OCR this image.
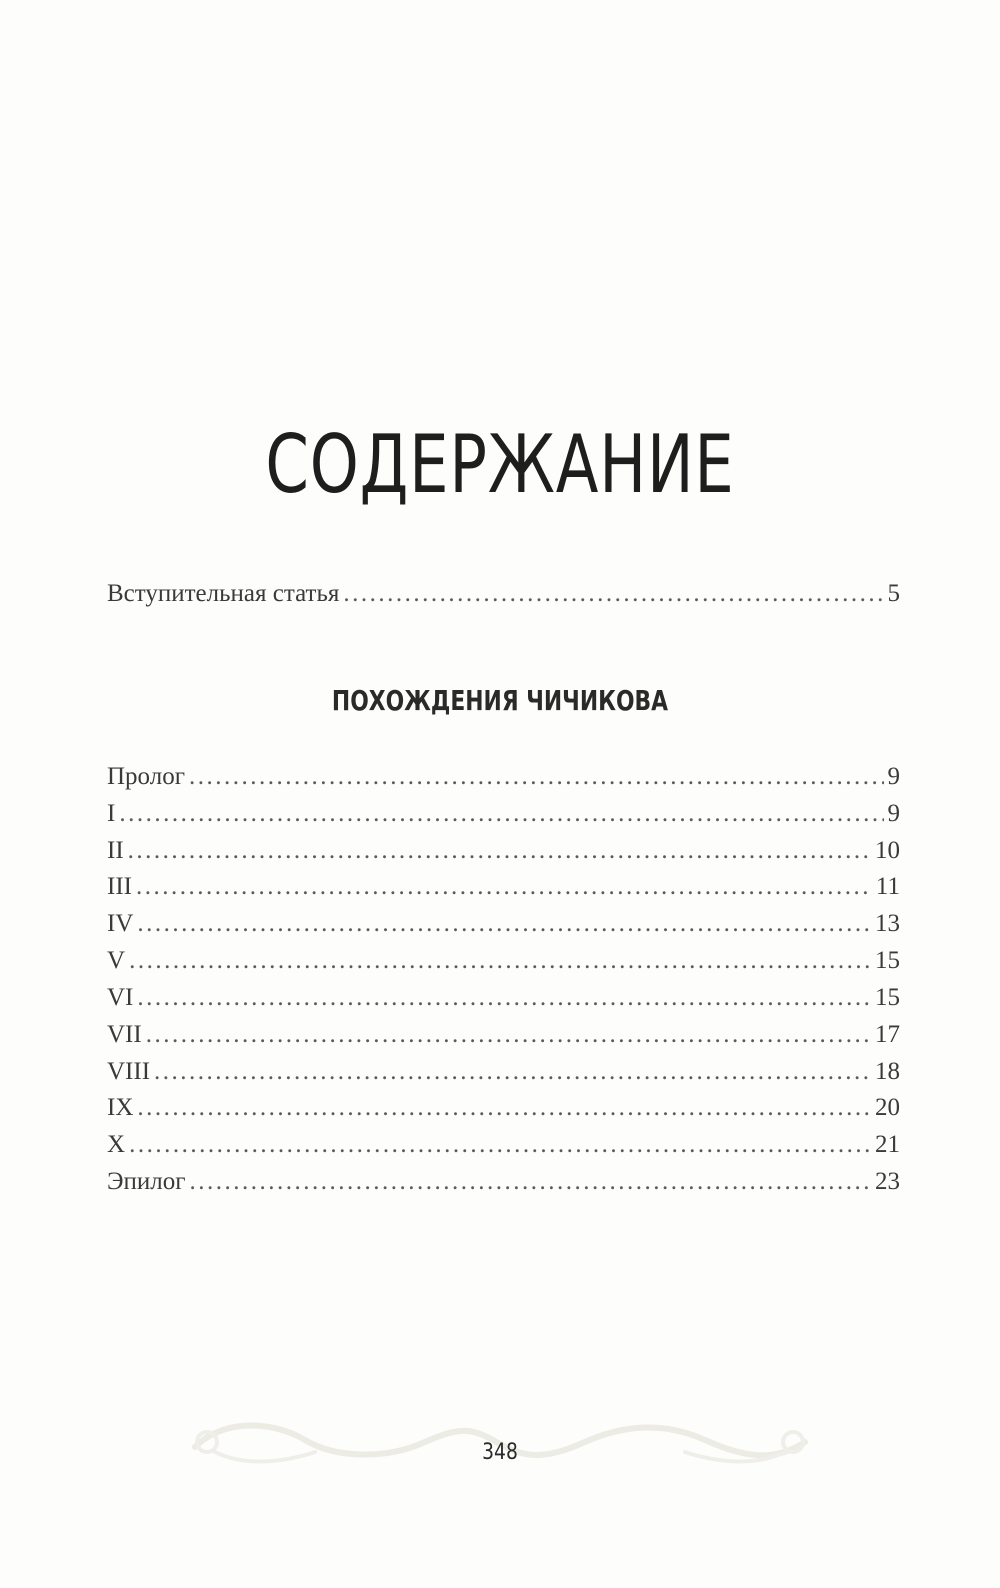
СОДЕРЖАНИЕ
Вступительная статья .....	5
ПОХОЖДЕНИЯ ЧИЧИКОВА
Пролог .....	9
I .....	9
II .....	10
III .....	11
IV .....	13
V .....	15
VI .....	15
VII .....	17
VIII .....	18
IX .....	20
X .....	21
Эпилог .....	23
348
